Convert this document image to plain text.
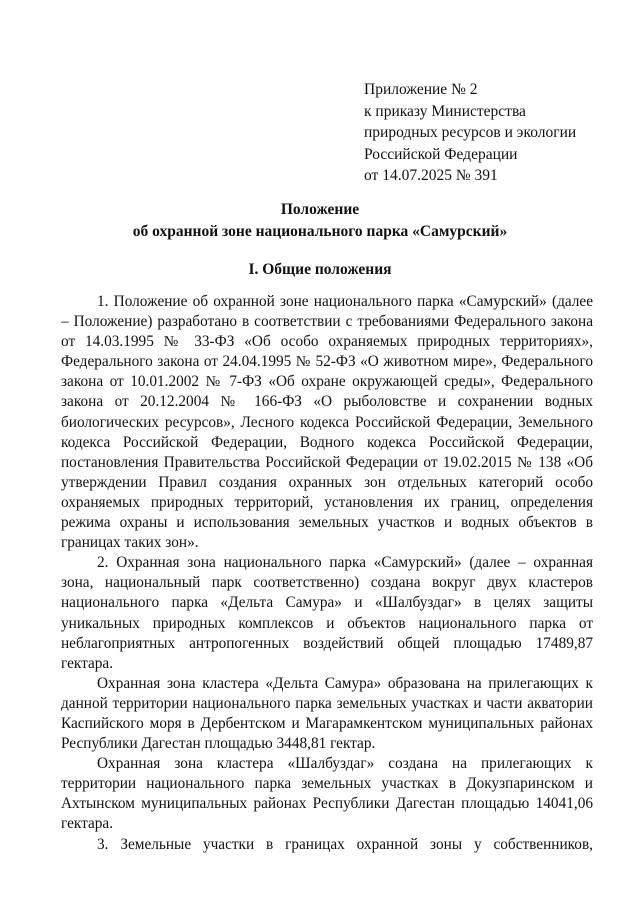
Приложение № 2
к приказу Министерства
природных ресурсов и экологии
Российской Федерации
от 14.07.2025 № 391
Положение
об охранной зоне национального парка «Самурский»
I. Общие положения

1. Положение об охранной зоне национального парка «Самурский» (далее – Положение) разработано в соответствии с требованиями Федерального закона от 14.03.1995 № 33-ФЗ «Об особо охраняемых природных территориях», Федерального закона от 24.04.1995 № 52-ФЗ «О животном мире», Федерального закона от 10.01.2002 № 7-ФЗ «Об охране окружающей среды», Федерального закона от 20.12.2004 № 166-ФЗ «О рыболовстве и сохранении водных биологических ресурсов», Лесного кодекса Российской Федерации, Земельного кодекса Российской Федерации, Водного кодекса Российской Федерации, постановления Правительства Российской Федерации от 19.02.2015 № 138 «Об утверждении Правил создания охранных зон отдельных категорий особо охраняемых природных территорий, установления их границ, определения режима охраны и использования земельных участков и водных объектов в границах таких зон».

2. Охранная зона национального парка «Самурский» (далее – охранная зона, национальный парк соответственно) создана вокруг двух кластеров национального парка «Дельта Самура» и «Шалбуздаг» в целях защиты уникальных природных комплексов и объектов национального парка от неблагоприятных антропогенных воздействий общей площадью 17489,87 гектара.

Охранная зона кластера «Дельта Самура» образована на прилегающих к данной территории национального парка земельных участках и части акватории Каспийского моря в Дербентском и Магарамкентском муниципальных районах Республики Дагестан площадью 3448,81 гектар.

Охранная зона кластера «Шалбуздаг» создана на прилегающих к территории национального парка земельных участках в Докузпаринском и Ахтынском муниципальных районах Республики Дагестан площадью 14041,06 гектара.

3. Земельные участки в границах охранной зоны у собственников,
